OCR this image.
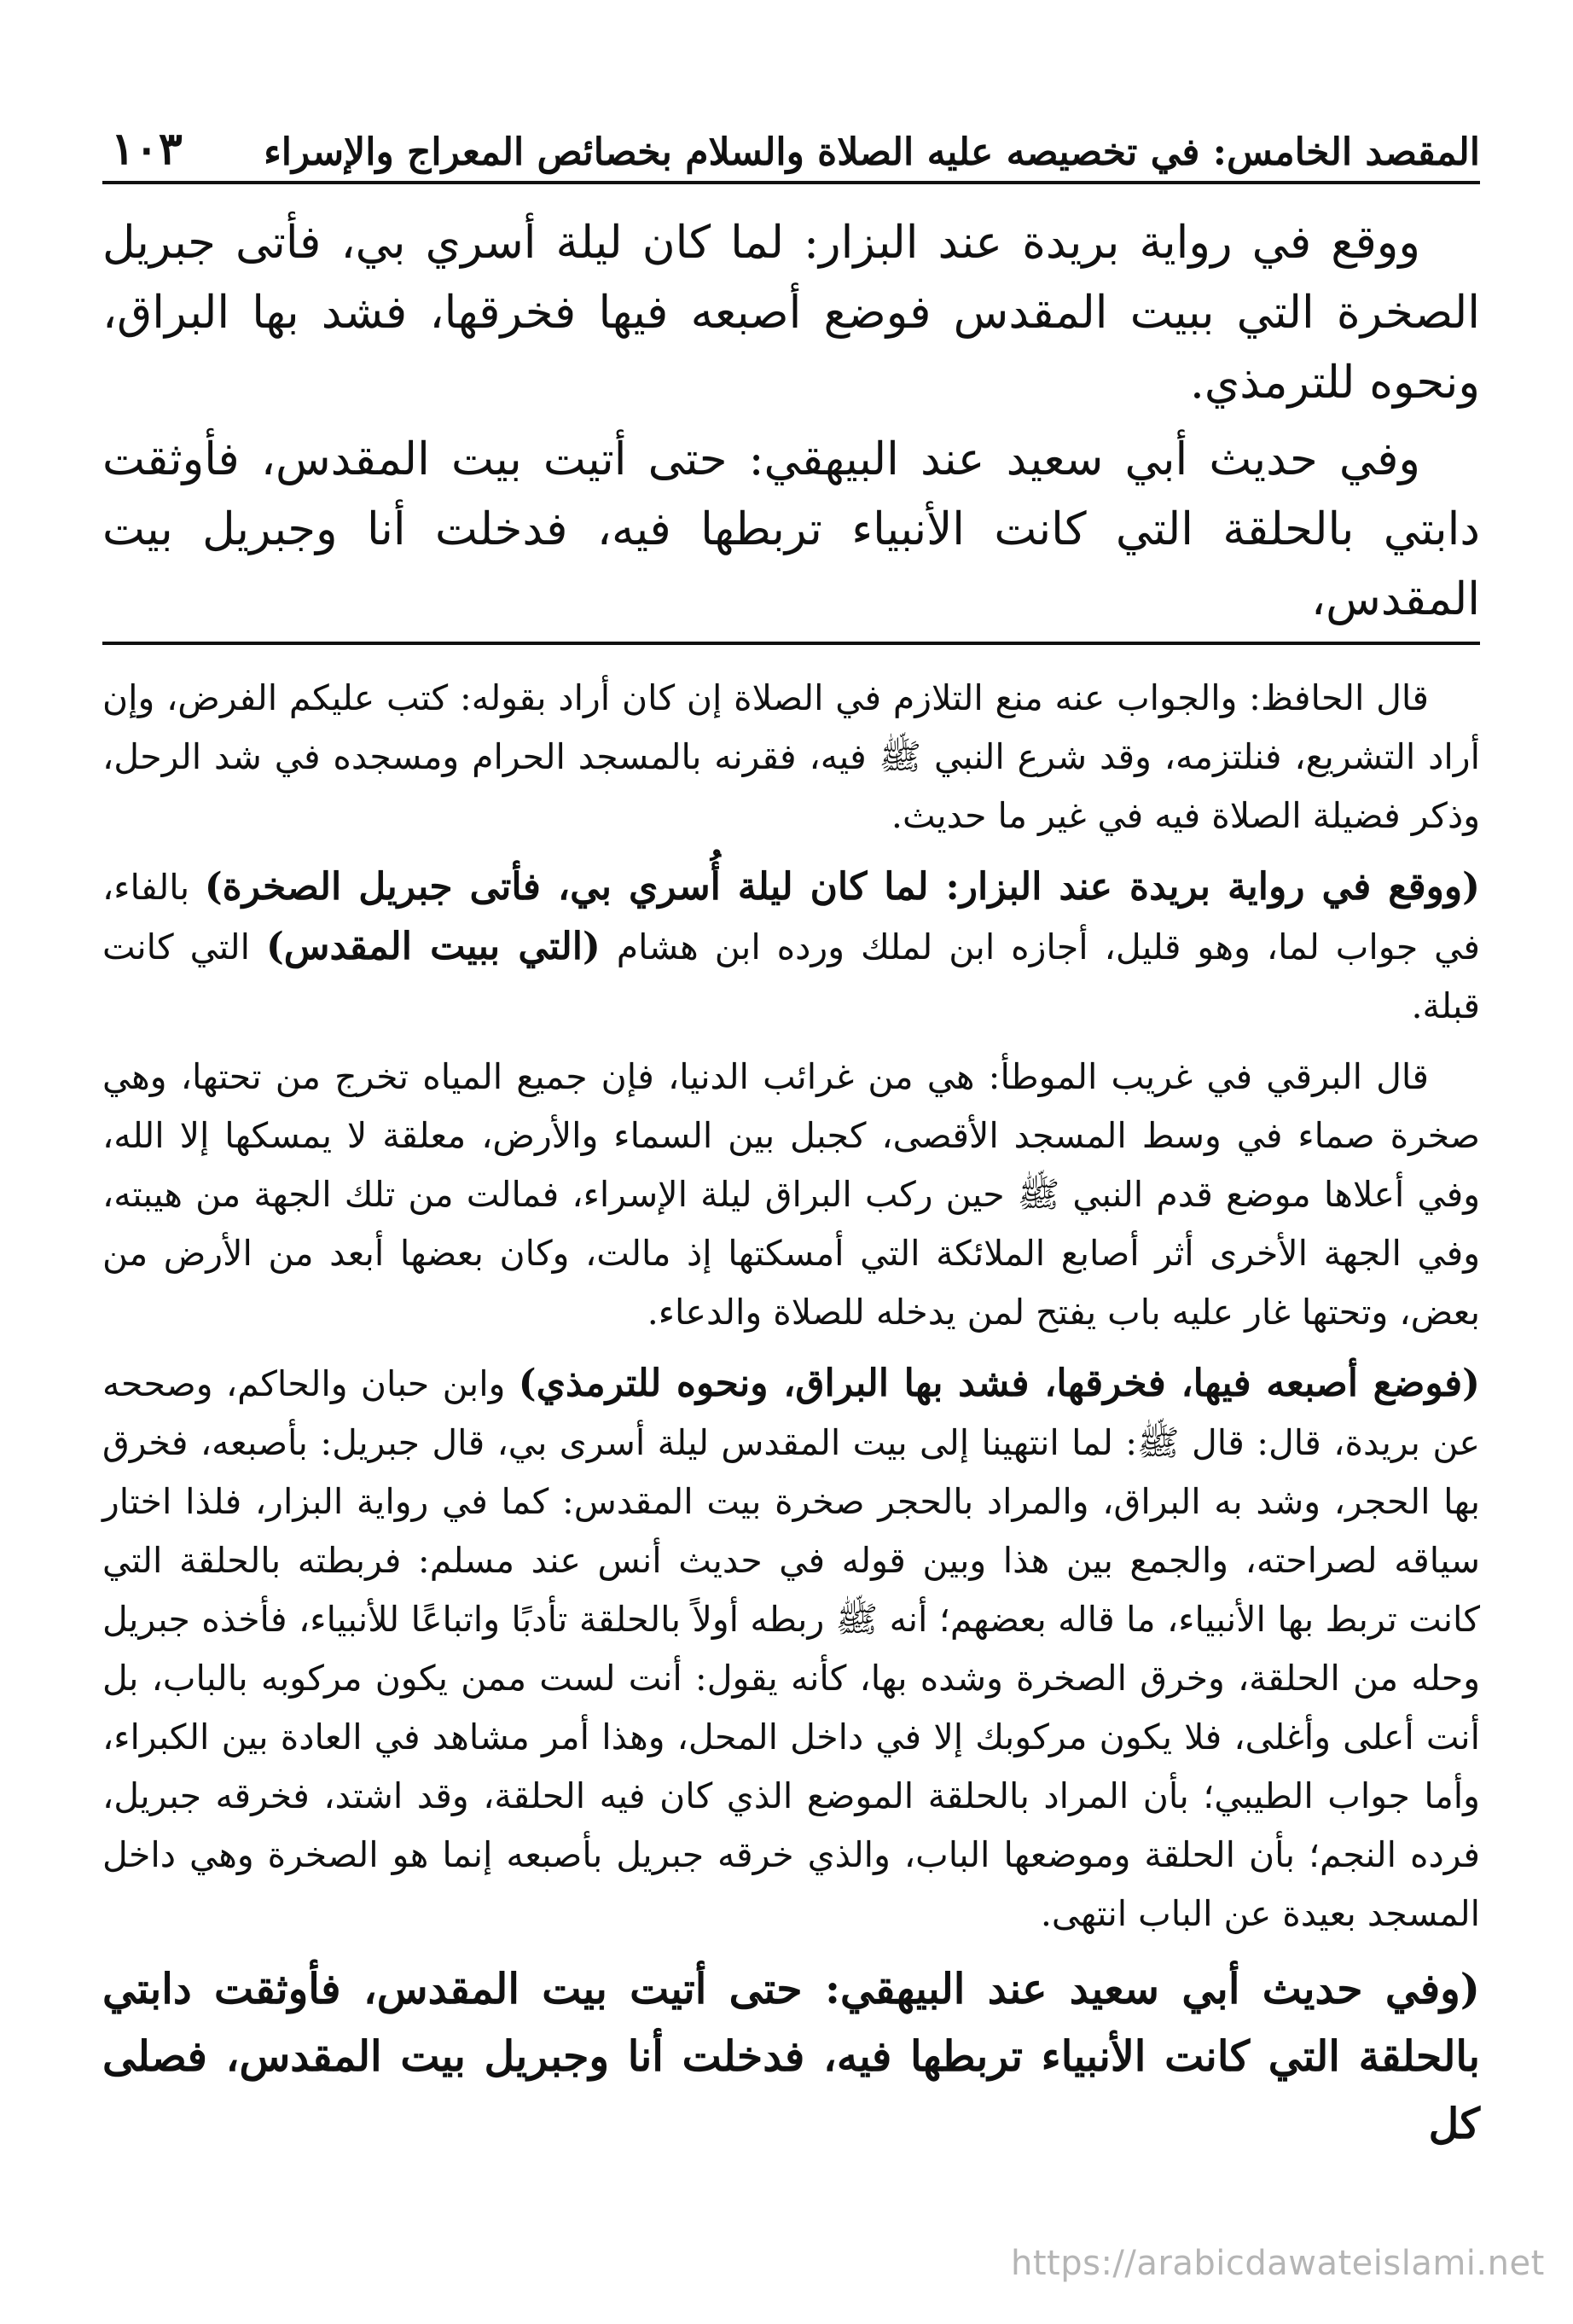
المقصد الخامس: في تخصيصه عليه الصلاة والسلام بخصائص المعراج والإسراء
١٠٣

ووقع في رواية بريدة عند البزار: لما كان ليلة أسري بي، فأتى جبريل الصخرة التي ببيت المقدس فوضع أصبعه فيها فخرقها، فشد بها البراق، ونحوه للترمذي.

وفي حديث أبي سعيد عند البيهقي: حتى أتيت بيت المقدس، فأوثقت دابتي بالحلقة التي كانت الأنبياء تربطها فيه، فدخلت أنا وجبريل بيت المقدس،

قال الحافظ: والجواب عنه منع التلازم في الصلاة إن كان أراد بقوله: كتب عليكم الفرض، وإن أراد التشريع، فنلتزمه، وقد شرع النبي ﷺ فيه، فقرنه بالمسجد الحرام ومسجده في شد الرحل، وذكر فضيلة الصلاة فيه في غير ما حديث.

(ووقع في رواية بريدة عند البزار: لما كان ليلة أُسري بي، فأتى جبريل الصخرة) بالفاء، في جواب لما، وهو قليل، أجازه ابن لملك ورده ابن هشام (التي ببيت المقدس) التي كانت قبلة.

قال البرقي في غريب الموطأ: هي من غرائب الدنيا، فإن جميع المياه تخرج من تحتها، وهي صخرة صماء في وسط المسجد الأقصى، كجبل بين السماء والأرض، معلقة لا يمسكها إلا الله، وفي أعلاها موضع قدم النبي ﷺ حين ركب البراق ليلة الإسراء، فمالت من تلك الجهة من هيبته، وفي الجهة الأخرى أثر أصابع الملائكة التي أمسكتها إذ مالت، وكان بعضها أبعد من الأرض من بعض، وتحتها غار عليه باب يفتح لمن يدخله للصلاة والدعاء.

(فوضع أصبعه فيها، فخرقها، فشد بها البراق، ونحوه للترمذي) وابن حبان والحاكم، وصححه عن بريدة، قال: قال ﷺ: لما انتهينا إلى بيت المقدس ليلة أسرى بي، قال جبريل: بأصبعه، فخرق بها الحجر، وشد به البراق، والمراد بالحجر صخرة بيت المقدس: كما في رواية البزار، فلذا اختار سياقه لصراحته، والجمع بين هذا وبين قوله في حديث أنس عند مسلم: فربطته بالحلقة التي كانت تربط بها الأنبياء، ما قاله بعضهم؛ أنه ﷺ ربطه أولاً بالحلقة تأدبًا واتباعًا للأنبياء، فأخذه جبريل وحله من الحلقة، وخرق الصخرة وشده بها، كأنه يقول: أنت لست ممن يكون مركوبه بالباب، بل أنت أعلى وأغلى، فلا يكون مركوبك إلا في داخل المحل، وهذا أمر مشاهد في العادة بين الكبراء، وأما جواب الطيبي؛ بأن المراد بالحلقة الموضع الذي كان فيه الحلقة، وقد اشتد، فخرقه جبريل، فرده النجم؛ بأن الحلقة وموضعها الباب، والذي خرقه جبريل بأصبعه إنما هو الصخرة وهي داخل المسجد بعيدة عن الباب انتهى.

(وفي حديث أبي سعيد عند البيهقي: حتى أتيت بيت المقدس، فأوثقت دابتي بالحلقة التي كانت الأنبياء تربطها فيه، فدخلت أنا وجبريل بيت المقدس، فصلى كل

https://arabicdawateislami.net
